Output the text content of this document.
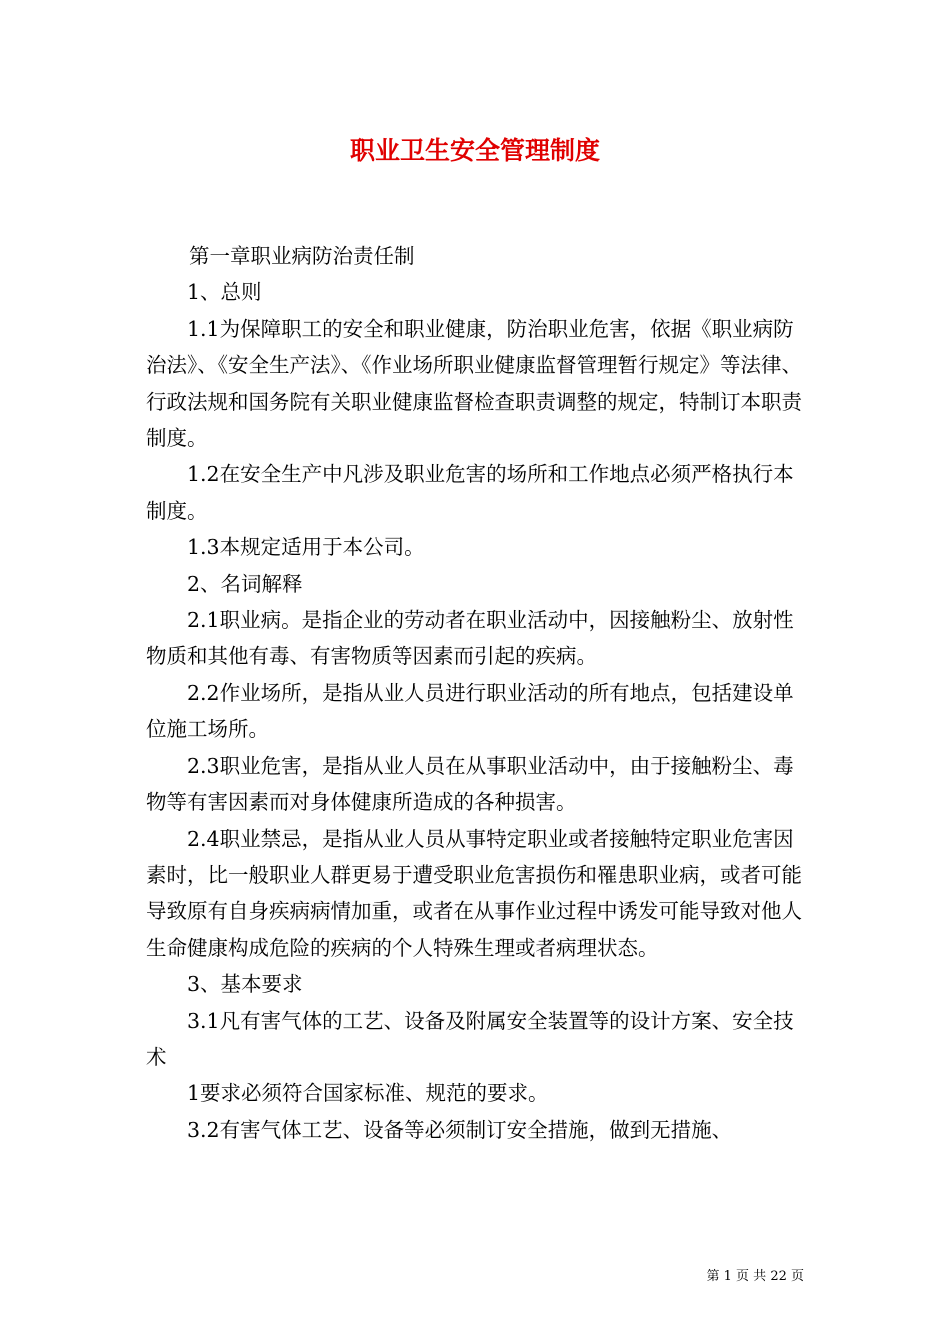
职业卫生安全管理制度

第一章职业病防治责任制

1、总则

1.1为保障职工的安全和职业健康，防治职业危害，依据《职业病防治法》、《安全生产法》、《作业场所职业健康监督管理暂行规定》等法律、行政法规和国务院有关职业健康监督检查职责调整的规定，特制订本职责制度。

1.2在安全生产中凡涉及职业危害的场所和工作地点必须严格执行本制度。

1.3本规定适用于本公司。

2、名词解释

2.1职业病。是指企业的劳动者在职业活动中，因接触粉尘、放射性物质和其他有毒、有害物质等因素而引起的疾病。

2.2作业场所，是指从业人员进行职业活动的所有地点，包括建设单位施工场所。

2.3职业危害，是指从业人员在从事职业活动中，由于接触粉尘、毒物等有害因素而对身体健康所造成的各种损害。

2.4职业禁忌，是指从业人员从事特定职业或者接触特定职业危害因素时，比一般职业人群更易于遭受职业危害损伤和罹患职业病，或者可能导致原有自身疾病病情加重，或者在从事作业过程中诱发可能导致对他人生命健康构成危险的疾病的个人特殊生理或者病理状态。

3、基本要求

3.1凡有害气体的工艺、设备及附属安全装置等的设计方案、安全技术

1要求必须符合国家标准、规范的要求。

3.2有害气体工艺、设备等必须制订安全措施，做到无措施、

第 1 页 共 22 页
